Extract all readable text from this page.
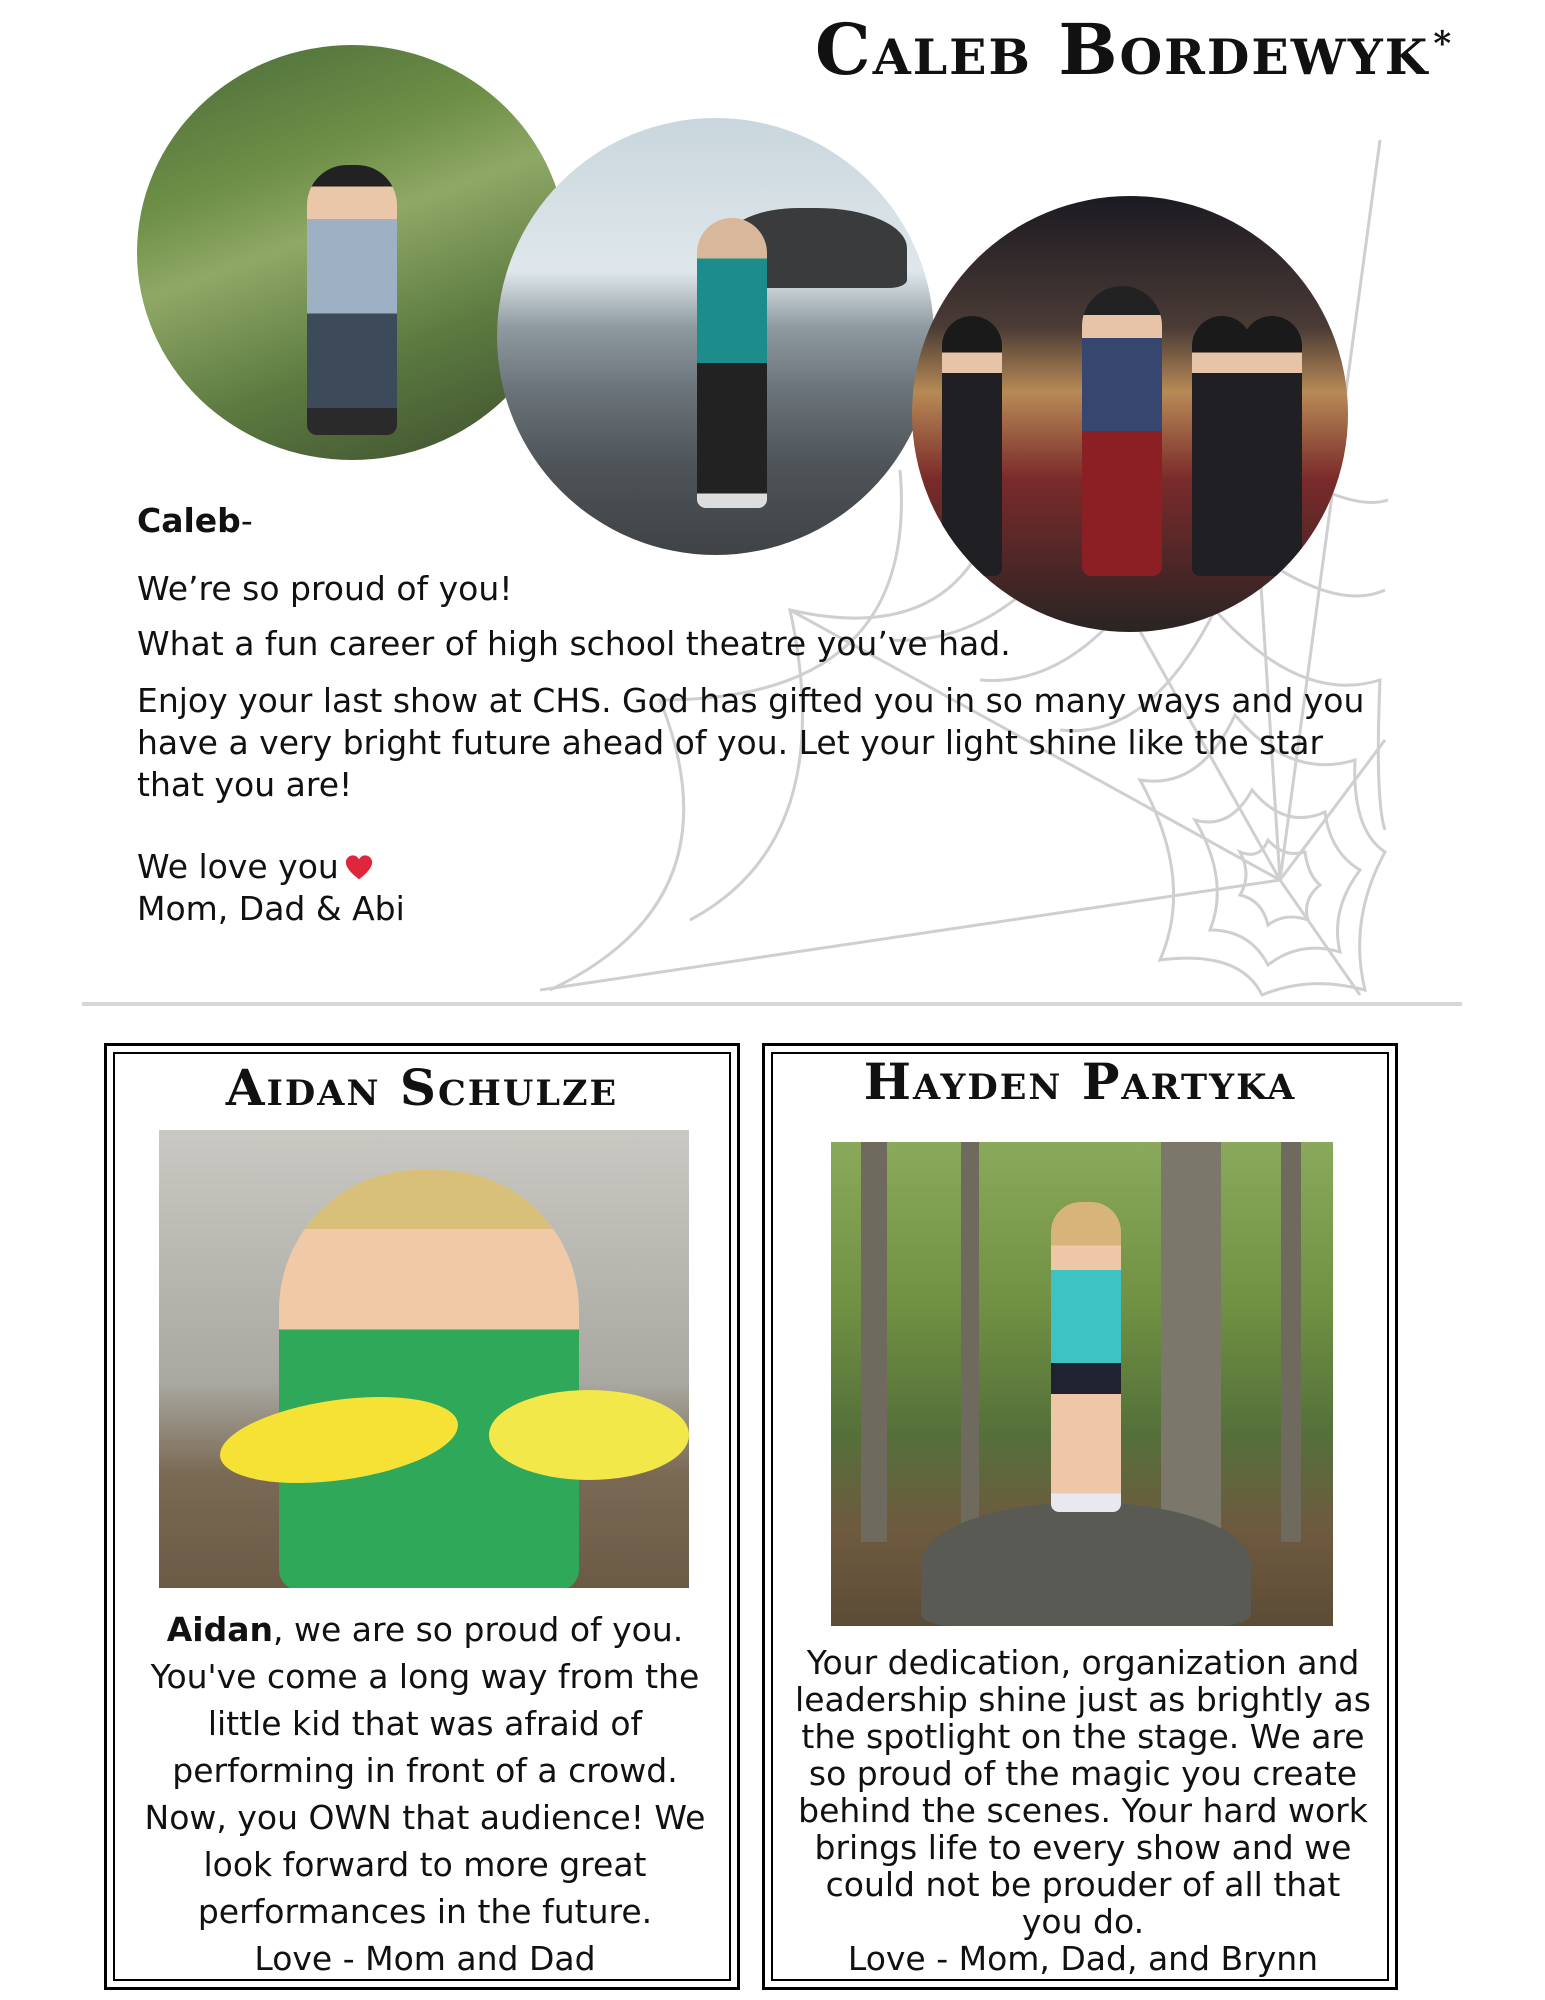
Caleb Bordewyk *
Caleb-
We’re so proud of you!
What a fun career of high school theatre you’ve had.
Enjoy your last show at CHS. God has gifted you in so many ways and you
have a very bright future ahead of you. Let your light shine like the star
that you are!
We love you
Mom, Dad & Abi
Aidan Schulze
Aidan, we are so proud of you.
You've come a long way from the
little kid that was afraid of
performing in front of a crowd.
Now, you OWN that audience! We
look forward to more great
performances in the future.
Love - Mom and Dad
Hayden Partyka
Your dedication, organization and
leadership shine just as brightly as
the spotlight on the stage. We are
so proud of the magic you create
behind the scenes. Your hard work
brings life to every show and we
could not be prouder of all that
you do.
Love - Mom, Dad, and Brynn
